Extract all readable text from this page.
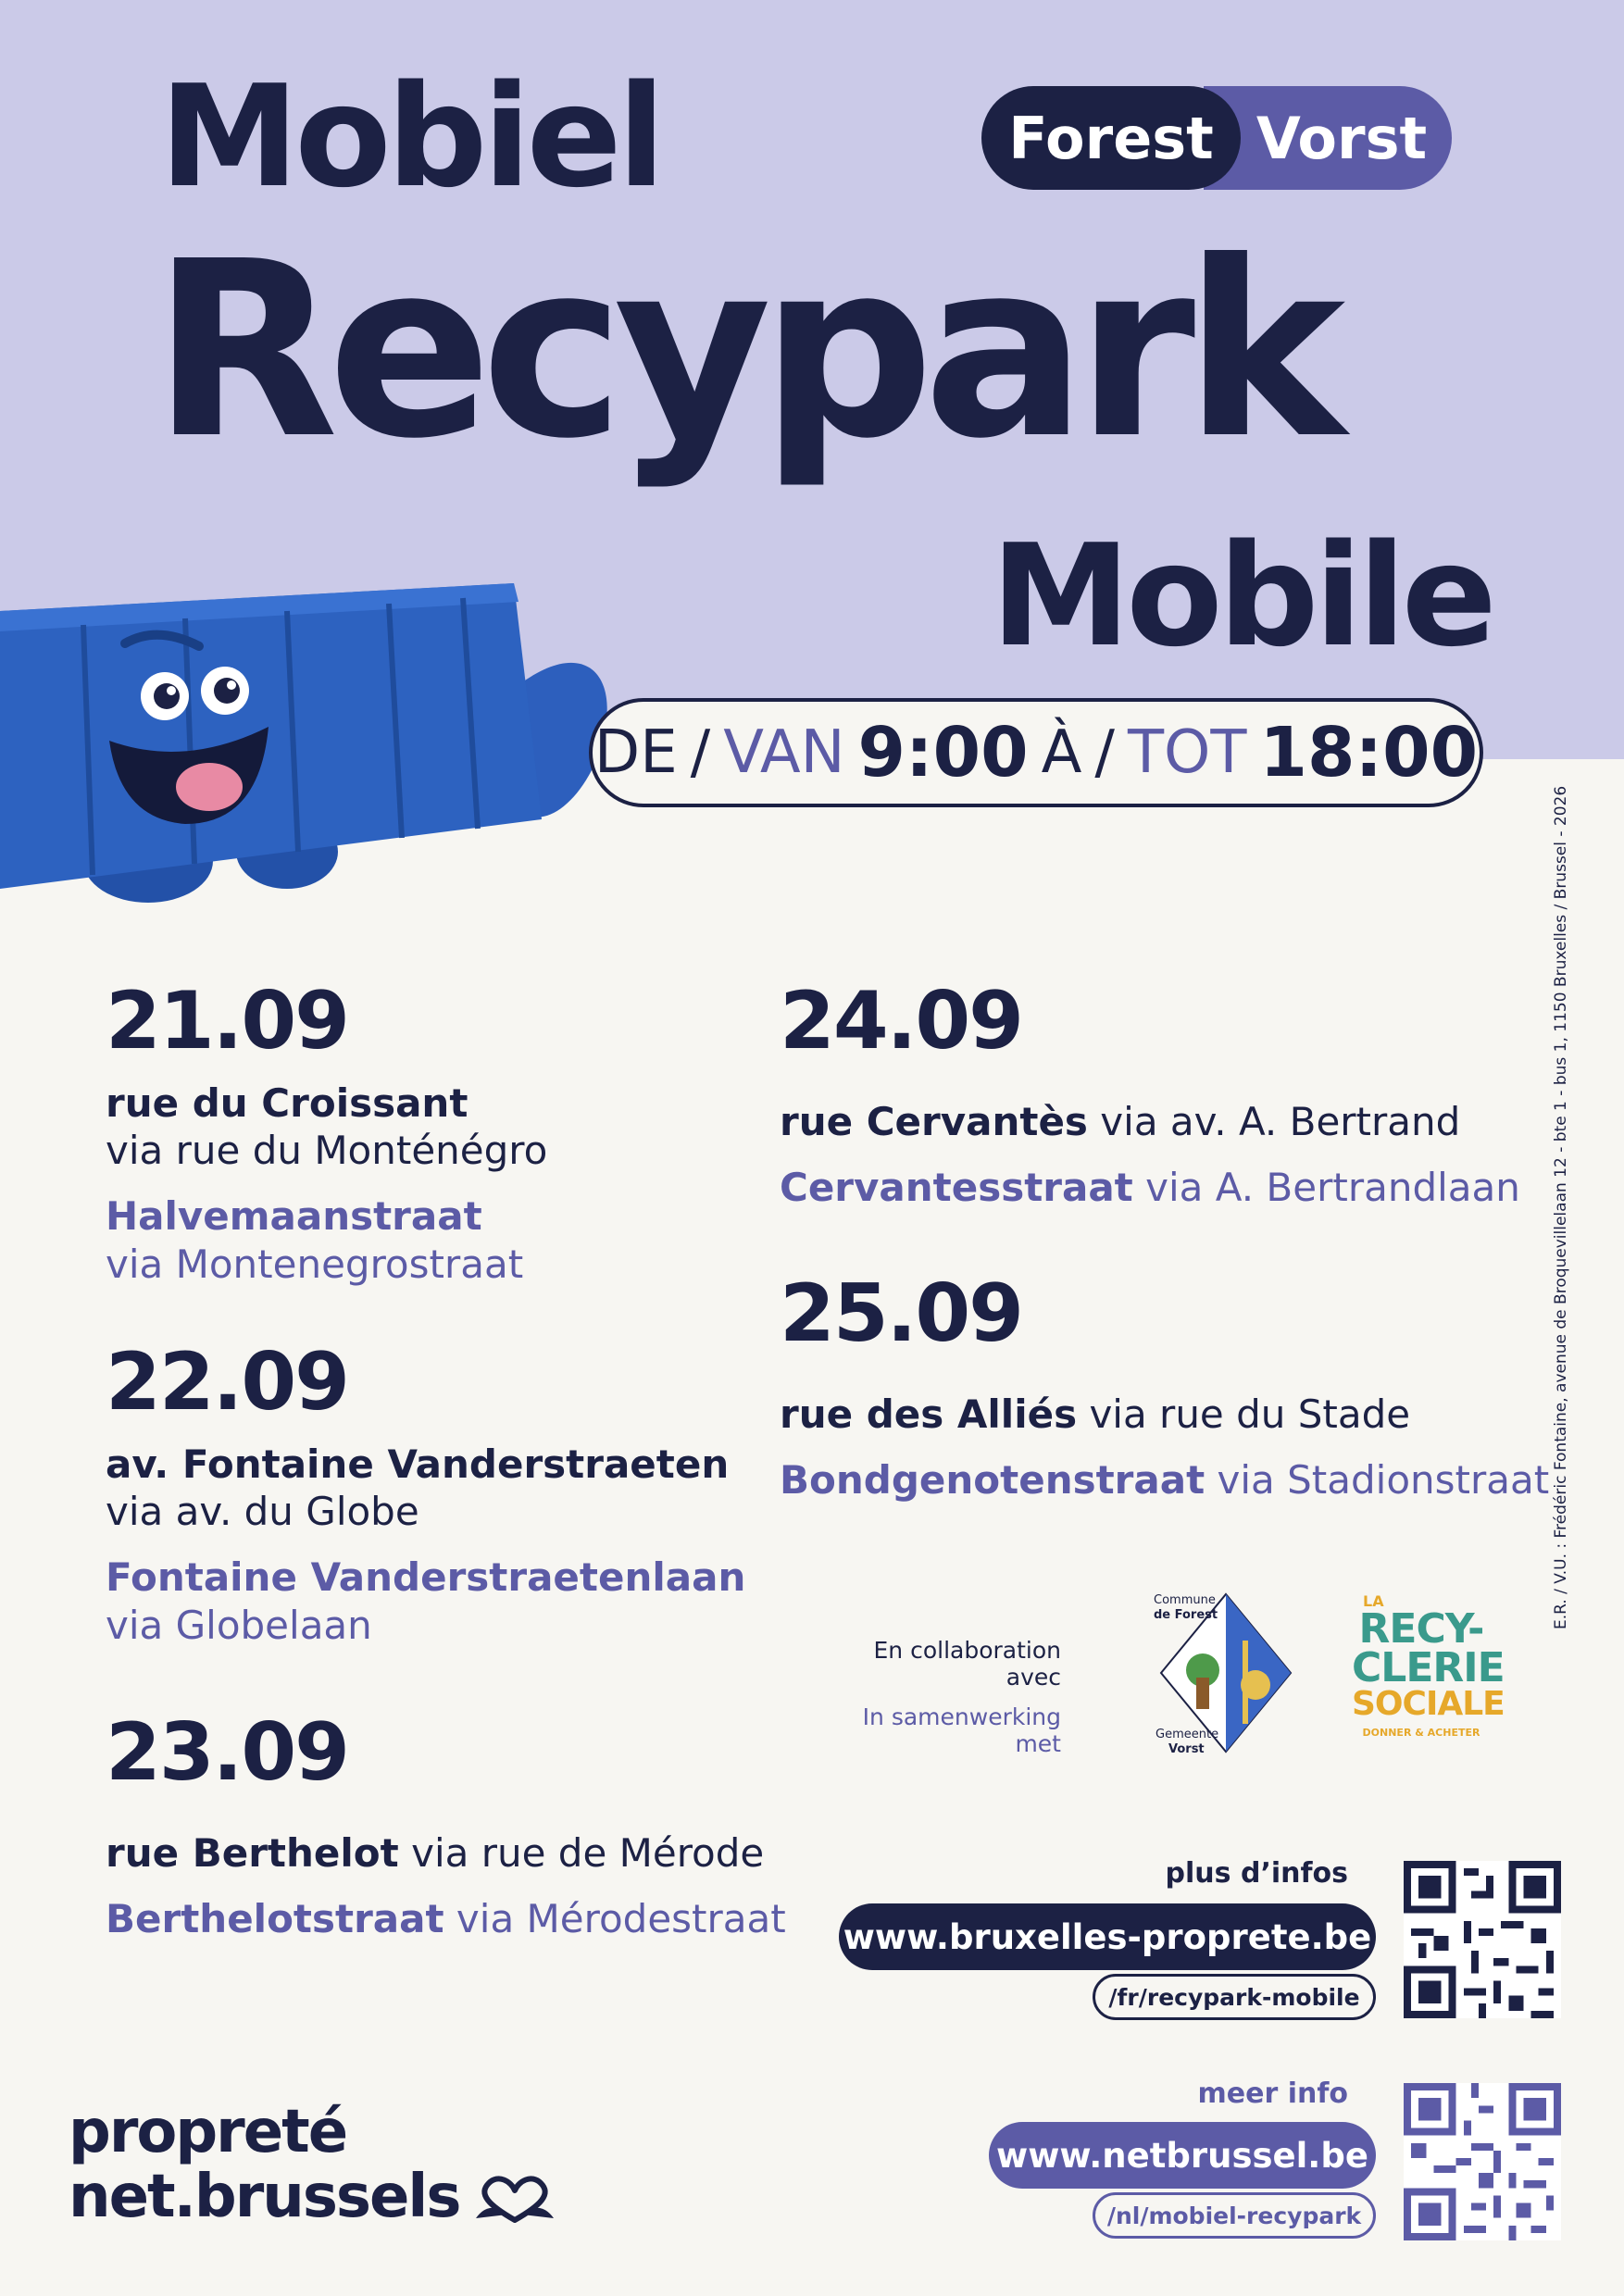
Mobiel
Recypark
Mobile
Vorst
Forest
DE / VAN 9:00 À / TOT 18:00
21.09
rue du Croissant
via rue du Monténégro
Halvemaanstraat
via Montenegrostraat
22.09
av. Fontaine Vanderstraeten
via av. du Globe
Fontaine Vanderstraetenlaan
via Globelaan
23.09
rue Berthelot via rue de Mérode
Berthelotstraat via Mérodestraat
24.09
rue Cervantès via av. A. Bertrand
Cervantesstraat via A. Bertrandlaan
25.09
rue des Alliés via rue du Stade
Bondgenotenstraat via Stadionstraat E.R. / V.U. : Frédéric Fontaine, avenue de Broquevillelaan 12 - bte 1 - bus 1, 1150 Bruxelles / Brussel - 2026
En collaboration avec
In samenwerking met
Commune
de Forest
Gemeente
Vorst
LA
RECY-
CLERIE
SOCIALE
DONNER & ACHETER
plus d’infos
www.bruxelles-proprete.be
/fr/recypark-mobile
meer info
www.netbrussel.be
/nl/mobiel-recypark
propreté
net.brussels
